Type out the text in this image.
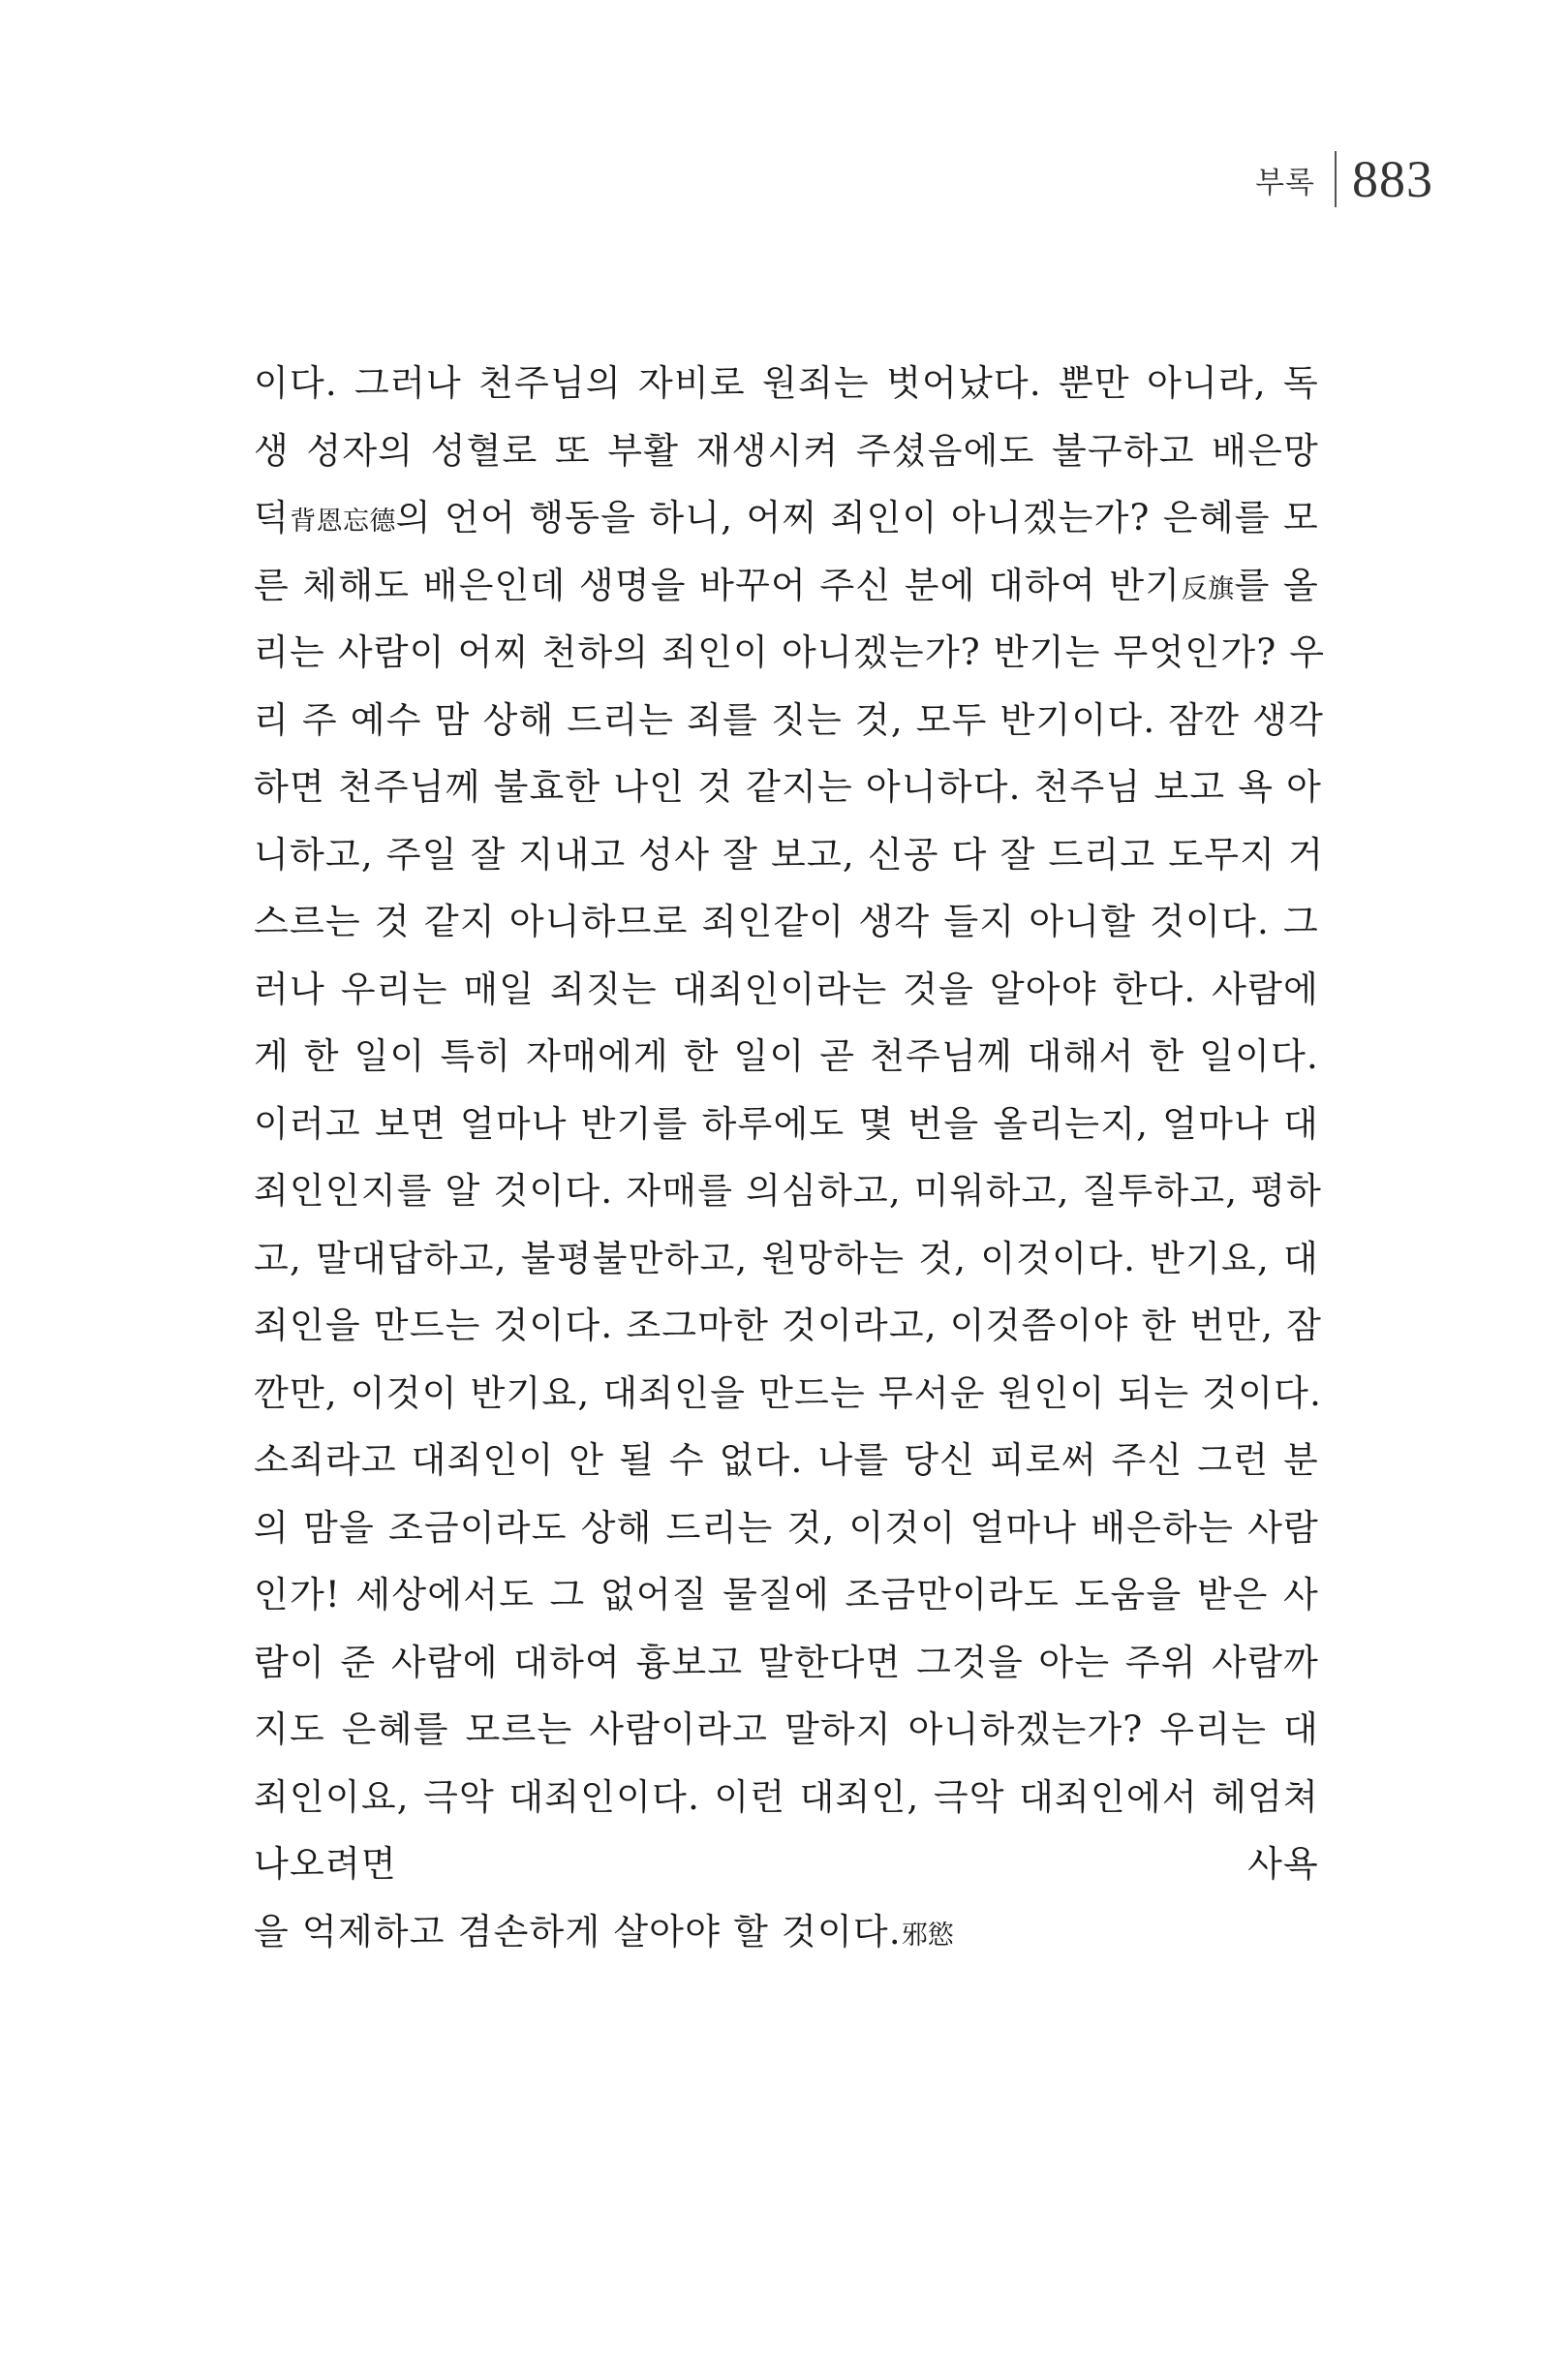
부록 883
이다. 그러나 천주님의 자비로 원죄는 벗어났다. 뿐만 아니라, 독
생 성자의 성혈로 또 부활 재생시켜 주셨음에도 불구하고 배은망
덕背恩忘德의 언어 행동을 하니, 어찌 죄인이 아니겠는가? 은혜를 모
른 체해도 배은인데 생명을 바꾸어 주신 분에 대하여 반기反旗를 올
리는 사람이 어찌 천하의 죄인이 아니겠는가? 반기는 무엇인가? 우
리 주 예수 맘 상해 드리는 죄를 짓는 것, 모두 반기이다. 잠깐 생각
하면 천주님께 불효한 나인 것 같지는 아니하다. 천주님 보고 욕 아
니하고, 주일 잘 지내고 성사 잘 보고, 신공 다 잘 드리고 도무지 거
스르는 것 같지 아니하므로 죄인같이 생각 들지 아니할 것이다. 그
러나 우리는 매일 죄짓는 대죄인이라는 것을 알아야 한다. 사람에
게 한 일이 특히 자매에게 한 일이 곧 천주님께 대해서 한 일이다.
이러고 보면 얼마나 반기를 하루에도 몇 번을 올리는지, 얼마나 대
죄인인지를 알 것이다. 자매를 의심하고, 미워하고, 질투하고, 평하
고, 말대답하고, 불평불만하고, 원망하는 것, 이것이다. 반기요, 대
죄인을 만드는 것이다. 조그마한 것이라고, 이것쯤이야 한 번만, 잠
깐만, 이것이 반기요, 대죄인을 만드는 무서운 원인이 되는 것이다.
소죄라고 대죄인이 안 될 수 없다. 나를 당신 피로써 주신 그런 분
의 맘을 조금이라도 상해 드리는 것, 이것이 얼마나 배은하는 사람
인가! 세상에서도 그 없어질 물질에 조금만이라도 도움을 받은 사
람이 준 사람에 대하여 흉보고 말한다면 그것을 아는 주위 사람까
지도 은혜를 모르는 사람이라고 말하지 아니하겠는가? 우리는 대
죄인이요, 극악 대죄인이다. 이런 대죄인, 극악 대죄인에서 헤엄쳐
나오려면 사욕
을 억제하고 겸손하게 살아야 할 것이다.邪慾
